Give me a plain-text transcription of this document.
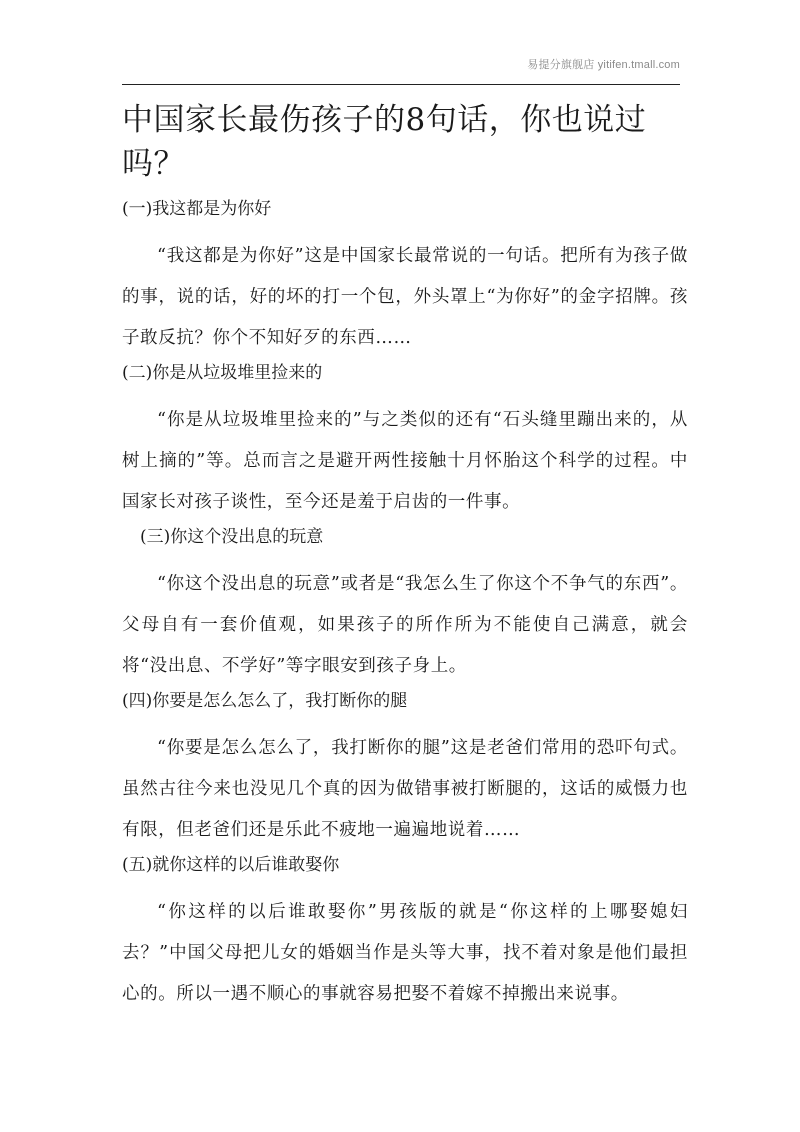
易提分旗舰店 yitifen.tmall.com
中国家长最伤孩子的8句话，你也说过吗？
(一)我这都是为你好

“我这都是为你好”这是中国家长最常说的一句话。把所有为孩子做的事，说的话，好的坏的打一个包，外头罩上“为你好”的金字招牌。孩子敢反抗？你个不知好歹的东西……

(二)你是从垃圾堆里捡来的

“你是从垃圾堆里捡来的”与之类似的还有“石头缝里蹦出来的，从树上摘的”等。总而言之是避开两性接触十月怀胎这个科学的过程。中国家长对孩子谈性，至今还是羞于启齿的一件事。

(三)你这个没出息的玩意

“你这个没出息的玩意”或者是“我怎么生了你这个不争气的东西”。父母自有一套价值观，如果孩子的所作所为不能使自己满意，就会将“没出息、不学好”等字眼安到孩子身上。

(四)你要是怎么怎么了，我打断你的腿

“你要是怎么怎么了，我打断你的腿”这是老爸们常用的恐吓句式。虽然古往今来也没见几个真的因为做错事被打断腿的，这话的威慑力也有限，但老爸们还是乐此不疲地一遍遍地说着……

(五)就你这样的以后谁敢娶你

“你这样的以后谁敢娶你”男孩版的就是“你这样的上哪娶媳妇去？”中国父母把儿女的婚姻当作是头等大事，找不着对象是他们最担心的。所以一遇不顺心的事就容易把娶不着嫁不掉搬出来说事。
